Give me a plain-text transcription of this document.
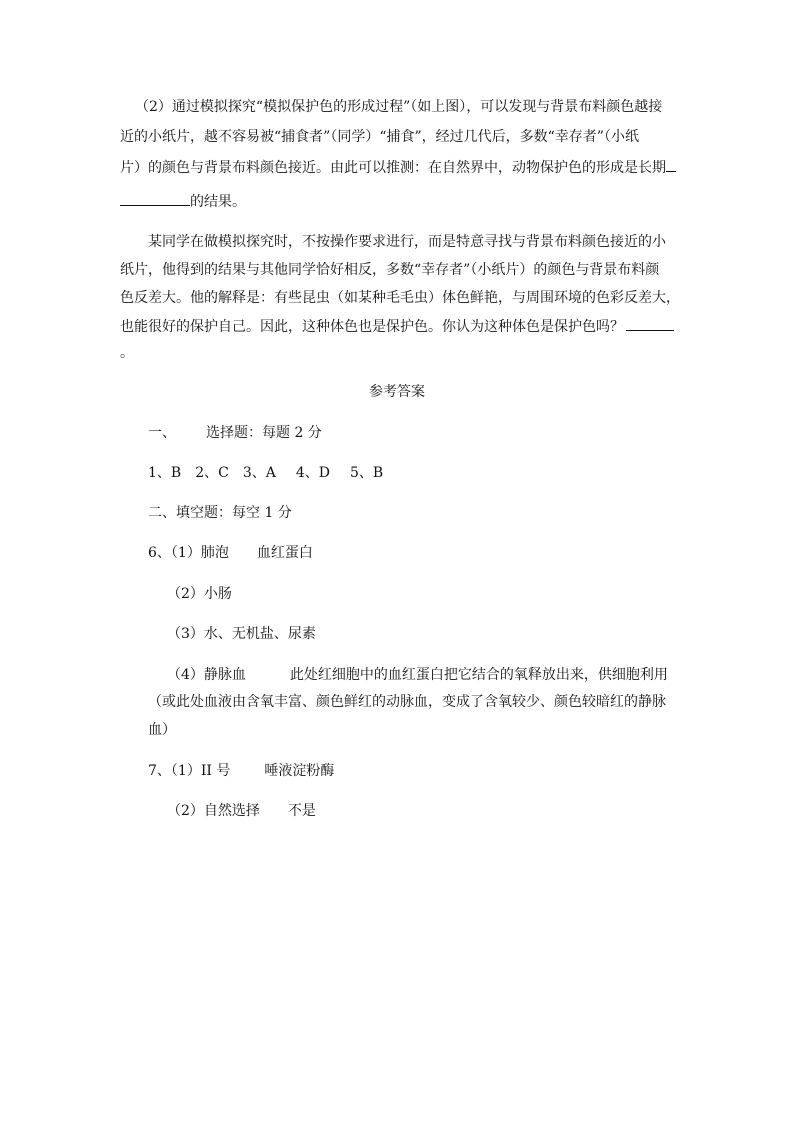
（2）通过模拟探究“模拟保护色的形成过程”（如上图），可以发现与背景布料颜色越接
近的小纸片，越不容易被“捕食者”（同学）“捕食”，经过几代后，多数“幸存者”（小纸
片）的颜色与背景布料颜色接近。由此可以推测：在自然界中，动物保护色的形成是长期
的结果。
某同学在做模拟探究时，不按操作要求进行，而是特意寻找与背景布料颜色接近的小
纸片，他得到的结果与其他同学恰好相反，多数“幸存者”（小纸片）的颜色与背景布料颜
色反差大。他的解释是：有些昆虫（如某种毛毛虫）体色鲜艳，与周围环境的色彩反差大，
也能很好的保护自己。因此，这种体色也是保护色。你认为这种体色是保护色吗？
。
参考答案
一、 选择题：每题 2 分
1、B 2、C 3、A 4、D 5、B
二、填空题：每空 1 分
6、（1）肺泡 血红蛋白
（2）小肠
（3）水、无机盐、尿素
（4）静脉血	此处红细胞中的血红蛋白把它结合的氧释放出来，供细胞利用
（或此处血液由含氧丰富、颜色鲜红的动脉血，变成了含氧较少、颜色较暗红的静脉
血）
7、（1）II 号 唾液淀粉酶
（2）自然选择 不是
